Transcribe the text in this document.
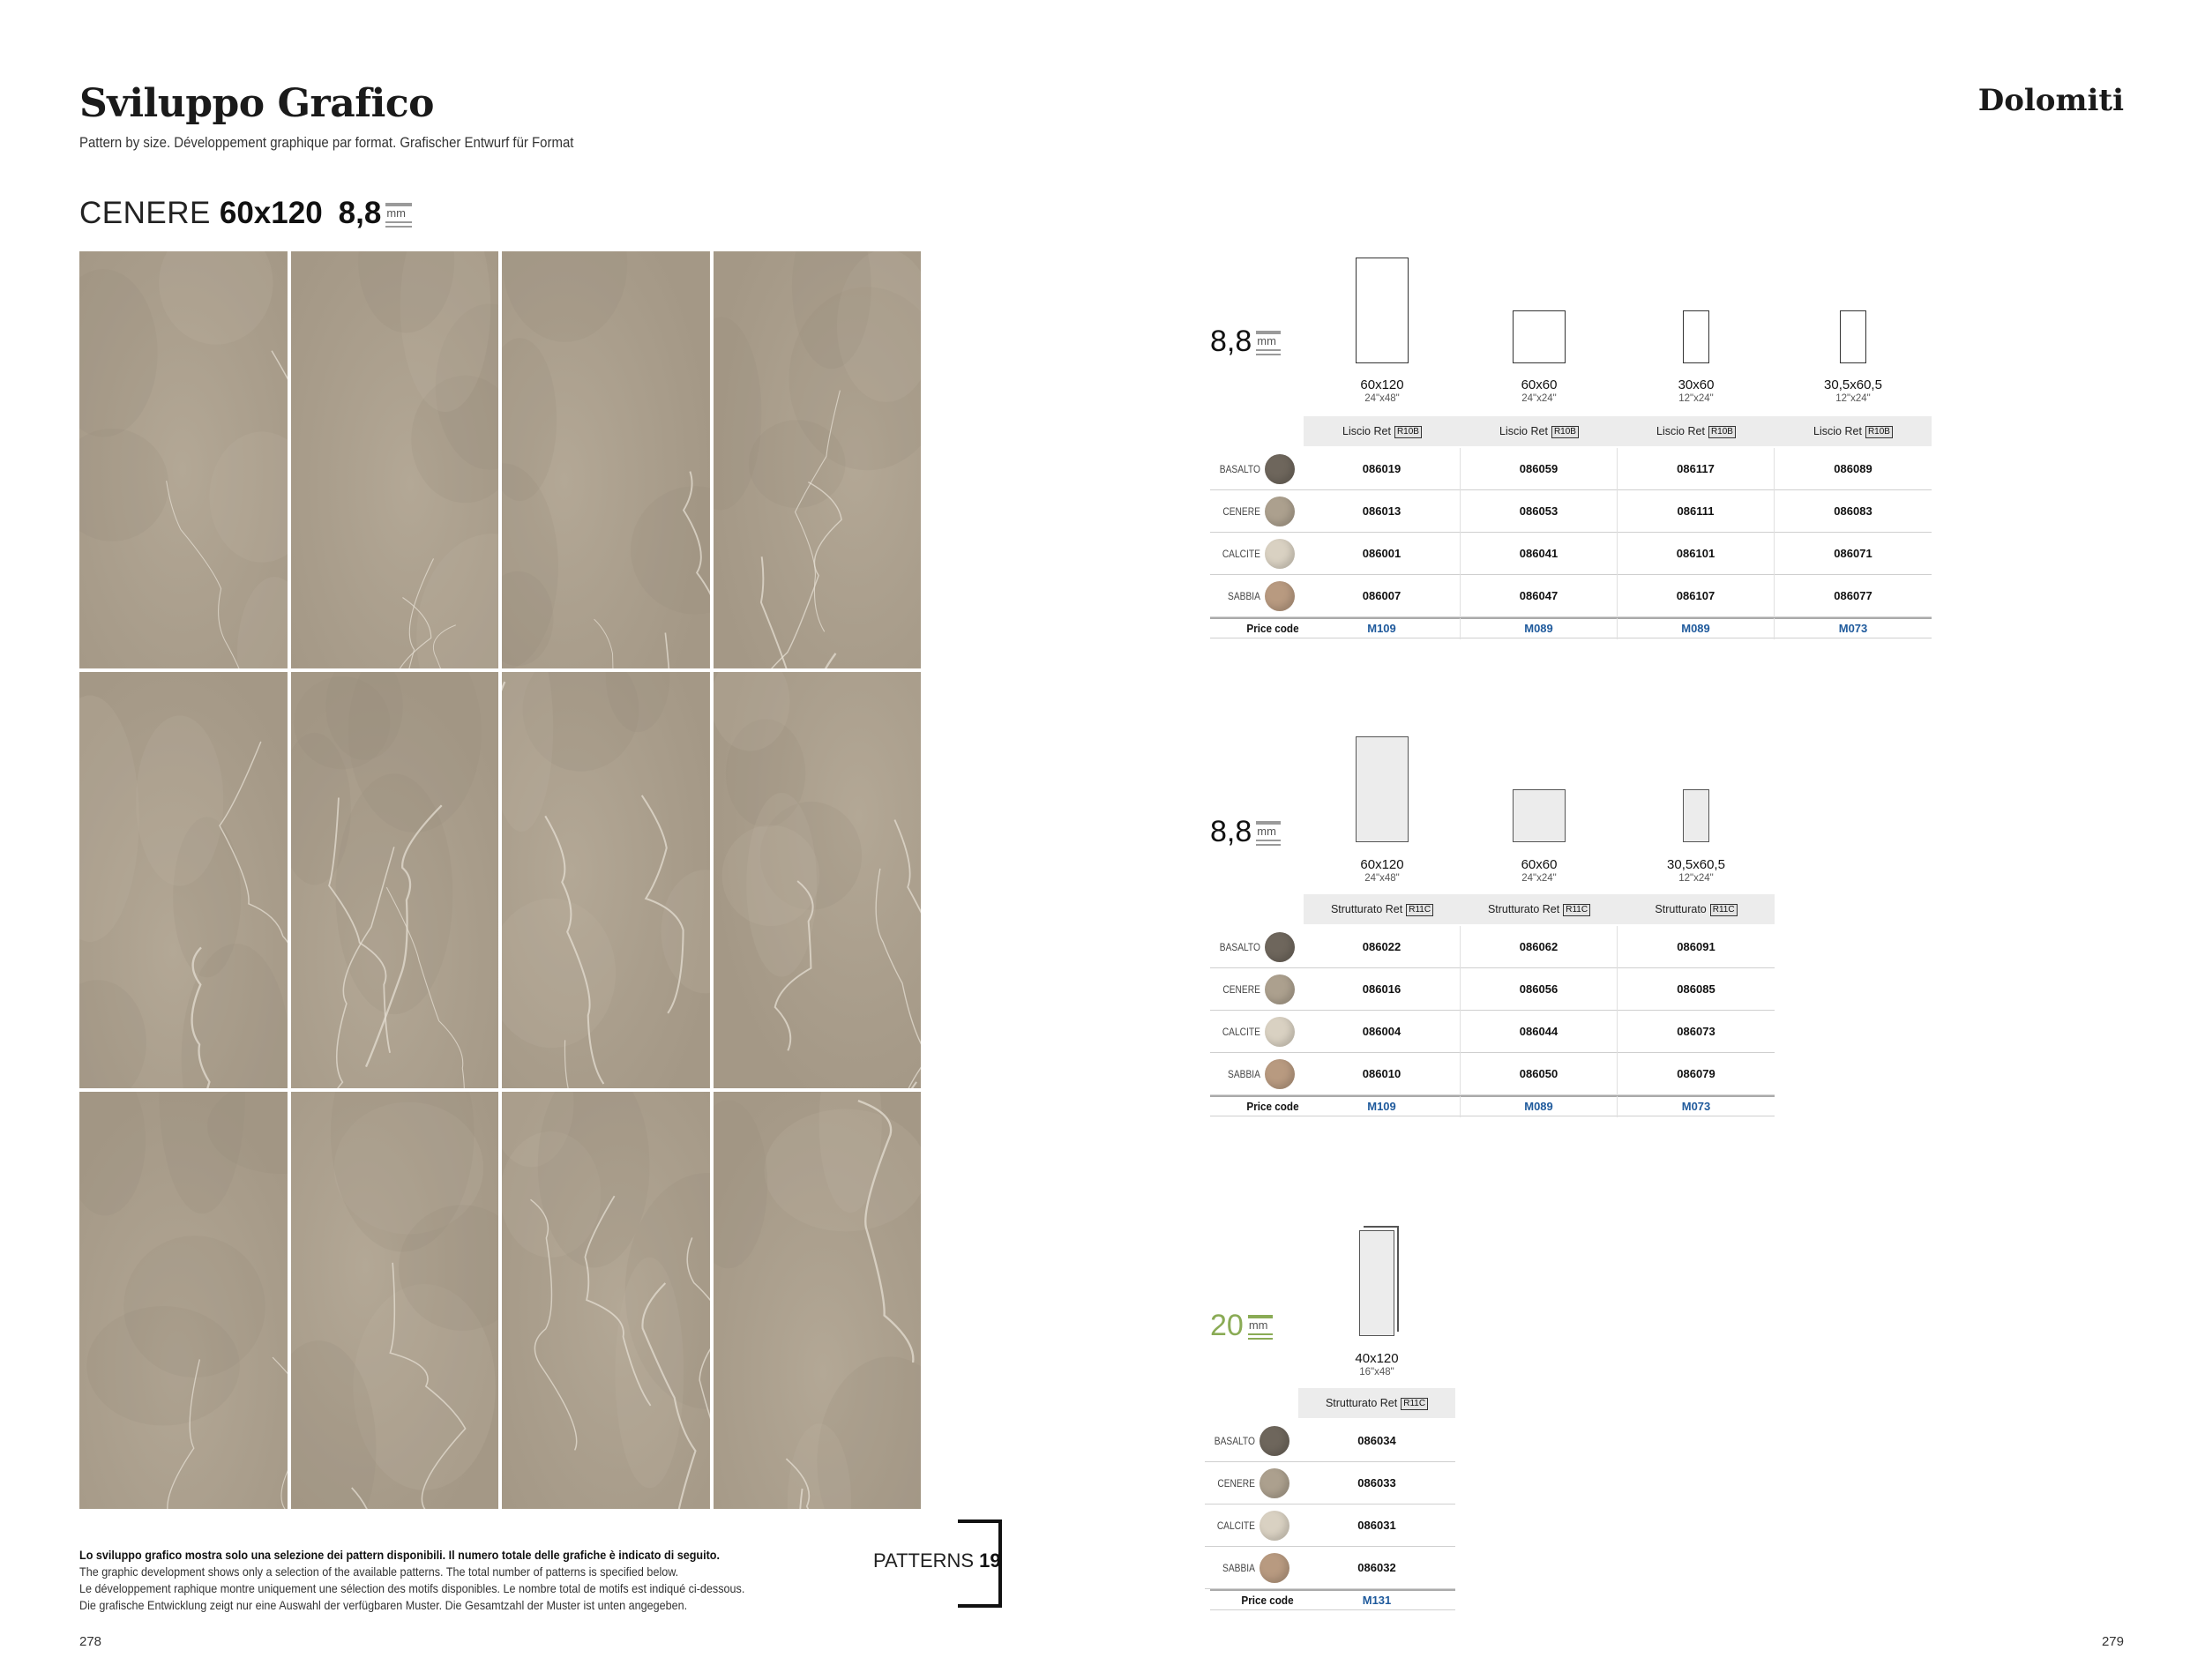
Sviluppo Grafico
Pattern by size. Développement graphique par format. Grafischer Entwurf für Format
Dolomiti
CENERE 60x120 8,8 mm
Lo sviluppo grafico mostra solo una selezione dei pattern disponibili. Il numero totale delle grafiche è indicato di seguito.
The graphic development shows only a selection of the available patterns. The total number of patterns is specified below.
Le développement raphique montre uniquement une sélection des motifs disponibles. Le nombre total de motifs est indiqué ci-dessous.
Die grafische Entwicklung zeigt nur eine Auswahl der verfügbaren Muster. Die Gesamtzahl der Muster ist unten angegeben.
PATTERNS 19
278	279
8,8 mm
60x120
24"x48"
60x60
24"x24"
30x60
12"x24"
30,5x60,5
12"x24"
Liscio Ret R10B	Liscio Ret R10B	Liscio Ret R10B	Liscio Ret R10B
BASALTO	086019	086059	086117	086089
CENERE	086013	086053	086111	086083
CALCITE	086001	086041	086101	086071
SABBIA	086007	086047	086107	086077
Price code	M109	M089	M089	M073
8,8 mm
60x120
24"x48"
60x60
24"x24"
30,5x60,5
12"x24"
Strutturato Ret R11C	Strutturato Ret R11C	Strutturato R11C
BASALTO	086022	086062	086091
CENERE	086016	086056	086085
CALCITE	086004	086044	086073
SABBIA	086010	086050	086079
Price code	M109	M089	M073
20 mm
40x120
16"x48"
Strutturato Ret R11C
BASALTO	086034
CENERE	086033
CALCITE	086031
SABBIA	086032
Price code	M131
